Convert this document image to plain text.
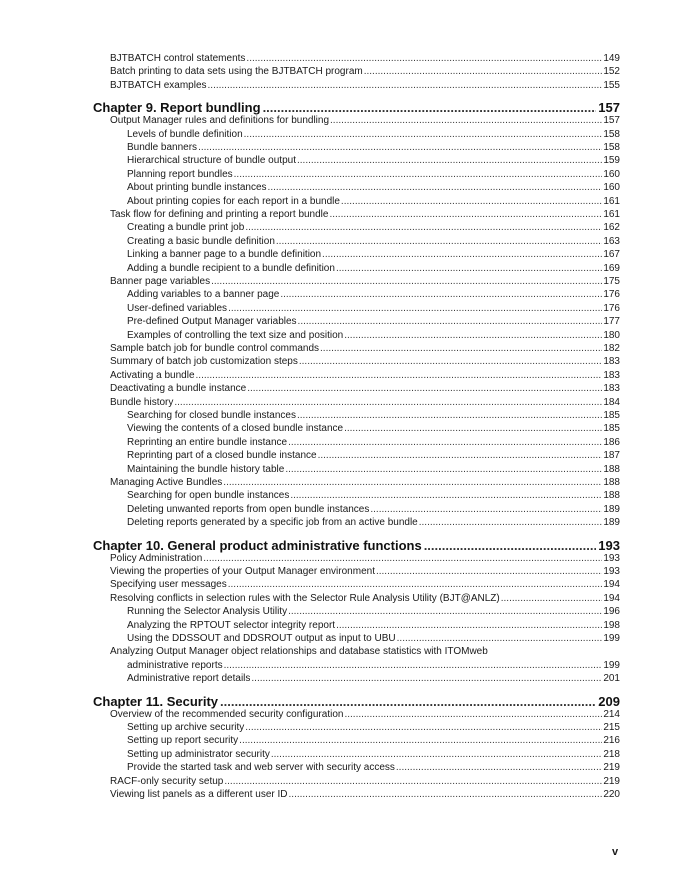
BJTBATCH control statements .....	149
Batch printing to data sets using the BJTBATCH program .....	152
BJTBATCH examples .....	155
Chapter 9. Report bundling .....	157
Output Manager rules and definitions for bundling .....	157
Levels of bundle definition .....	158
Bundle banners .....	158
Hierarchical structure of bundle output .....	159
Planning report bundles .....	160
About printing bundle instances .....	160
About printing copies for each report in a bundle .....	161
Task flow for defining and printing a report bundle .....	161
Creating a bundle print job .....	162
Creating a basic bundle definition .....	163
Linking a banner page to a bundle definition .....	167
Adding a bundle recipient to a bundle definition .....	169
Banner page variables .....	175
Adding variables to a banner page .....	176
User-defined variables .....	176
Pre-defined Output Manager variables .....	177
Examples of controlling the text size and position .....	180
Sample batch job for bundle control commands .....	182
Summary of batch job customization steps .....	183
Activating a bundle .....	183
Deactivating a bundle instance .....	183
Bundle history .....	184
Searching for closed bundle instances .....	185
Viewing the contents of a closed bundle instance .....	185
Reprinting an entire bundle instance .....	186
Reprinting part of a closed bundle instance .....	187
Maintaining the bundle history table .....	188
Managing Active Bundles .....	188
Searching for open bundle instances .....	188
Deleting unwanted reports from open bundle instances .....	189
Deleting reports generated by a specific job from an active bundle .....	189
Chapter 10. General product administrative functions .....	193
Policy Administration .....	193
Viewing the properties of your Output Manager environment .....	193
Specifying user messages .....	194
Resolving conflicts in selection rules with the Selector Rule Analysis Utility (BJT@ANLZ) .....	194
Running the Selector Analysis Utility .....	196
Analyzing the RPTOUT selector integrity report .....	198
Using the DDSSOUT and DDSROUT output as input to UBU .....	199
Analyzing Output Manager object relationships and database statistics with ITOMweb
administrative reports .....	199
Administrative report details .....	201
Chapter 11. Security .....	209
Overview of the recommended security configuration .....	214
Setting up archive security .....	215
Setting up report security .....	216
Setting up administrator security .....	218
Provide the started task and web server with security access .....	219
RACF-only security setup .....	219
Viewing list panels as a different user ID .....	220
v
